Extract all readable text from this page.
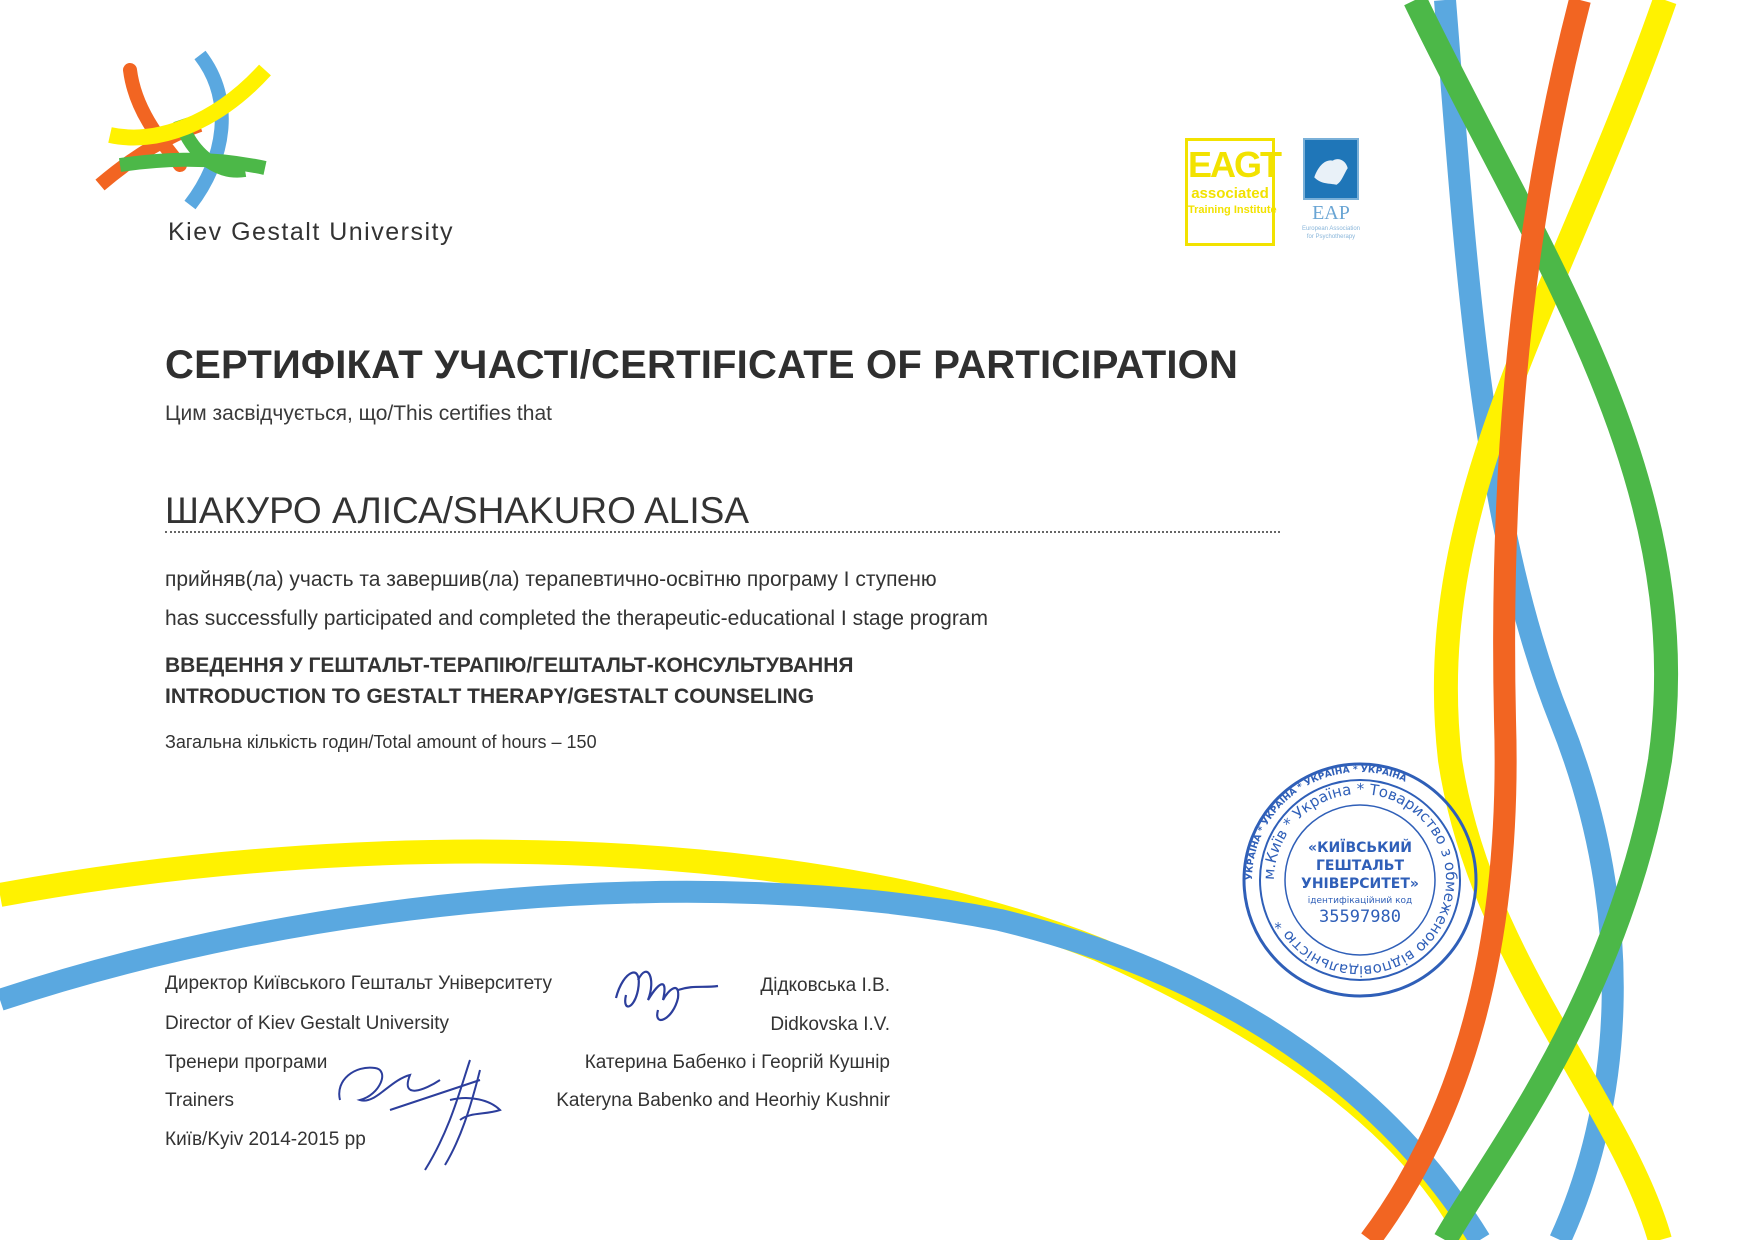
Kiev Gestalt University

EAGT
associated
Training Institute	EAP
European Association for Psychotherapy
СЕРТИФІКАТ УЧАСТІ/CERTIFICATE OF PARTICIPATION

Цим засвідчується, що/This certifies that

ШАКУРО АЛІСА/SHAKURO ALISA

прийняв(ла) участь та завершив(ла) терапевтично-освітню програму I ступеню

has successfully participated and completed the therapeutic-educational I stage program

ВВЕДЕННЯ У ГЕШТАЛЬТ-ТЕРАПІЮ/ГЕШТАЛЬТ-КОНСУЛЬТУВАННЯ

INTRODUCTION TO GESTALT THERAPY/GESTALT COUNSELING

Загальна кількість годин/Total amount of hours – 150

Директор Київського Гештальт Університету

Director of Kiev Gestalt University

Тренери програми

Trainers

Київ/Kyiv 2014-2015 рр

Дідковська І.В.

Didkovska I.V.

Катерина Бабенко і Георгій Кушнір

Kateryna Babenko and Heorhiy Kushnir

УКРАЇНА * УКРАЇНА * УКРАЇНА * УКРАЇНА
м.Київ * Україна * Товариство з обмеженою відповідальністю *
«КИЇВСЬКИЙ
ГЕШТАЛЬТ
УНІВЕРСИТЕТ»
ідентифікаційний код
35597980
